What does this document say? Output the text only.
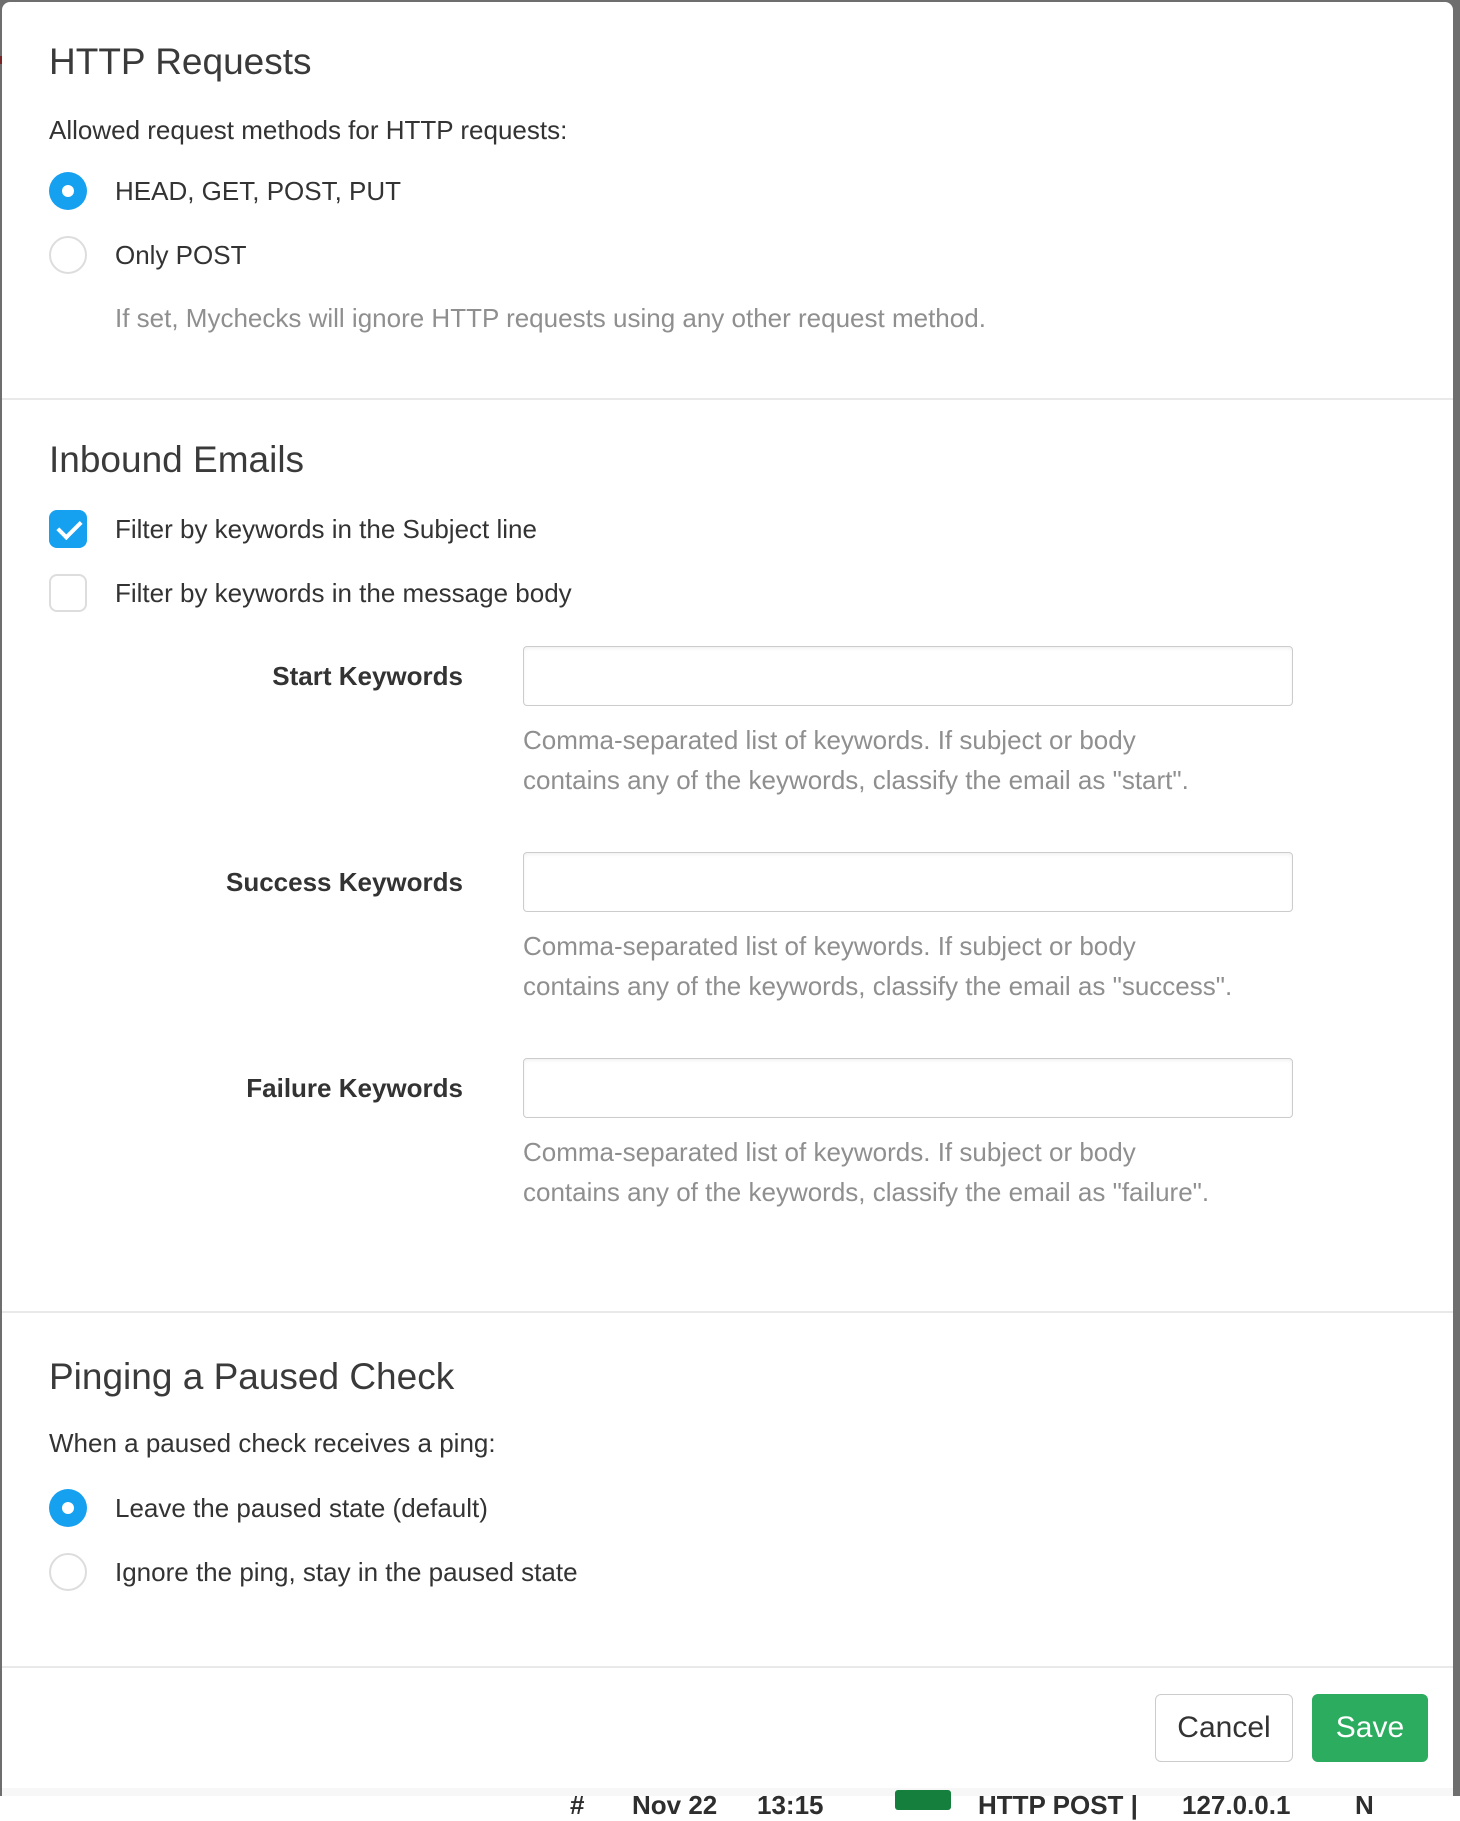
HTTP Requests

Allowed request methods for HTTP requests:

HEAD, GET, POST, PUT
Only POST

If set, Mychecks will ignore HTTP requests using any other request method.

Inbound Emails
Filter by keywords in the Subject line
Filter by keywords in the message body
Start Keywords
Comma-separated list of keywords. If subject or body
contains any of the keywords, classify the email as "start".
Success Keywords
Comma-separated list of keywords. If subject or body
contains any of the keywords, classify the email as "success".
Failure Keywords
Comma-separated list of keywords. If subject or body
contains any of the keywords, classify the email as "failure".
Pinging a Paused Check

When a paused check receives a ping:

Leave the paused state (default)
Ignore the ping, stay in the paused state
Cancel	Save
# Nov 22 13:15	HTTP POST | 127.0.0.1 N
